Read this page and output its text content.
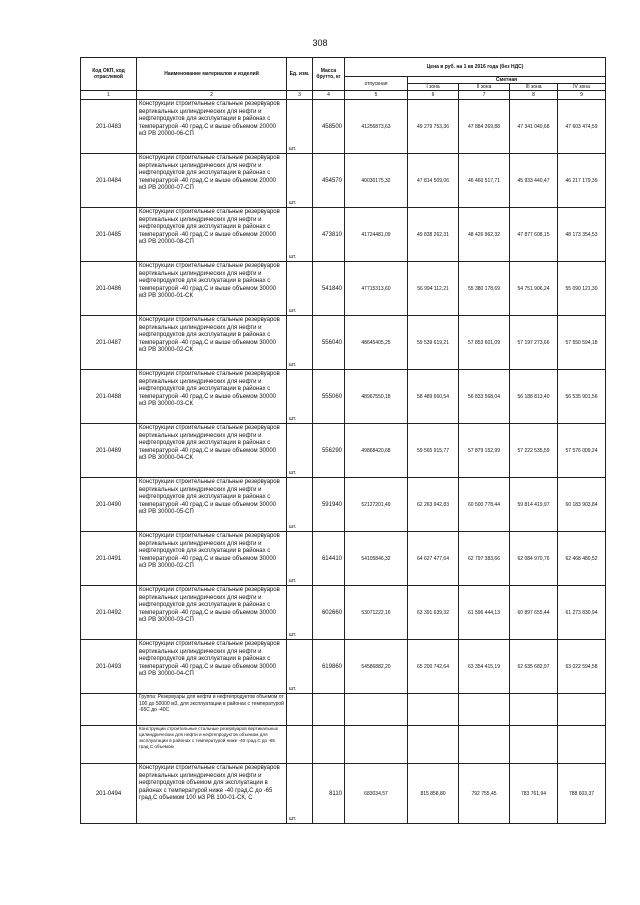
308
Код ОКП, код отраслевой	Наименование материалов и изделий	Ед. изм.	Масса брутто, кг	Цена в руб. на 1 кв 2016 года (без НДС)				
				отпускная	Сметная			
					I зона	II зона	III зона	IV зона
1	2	3	4	5	6	7	8	9
201-0483	Конструкции строительные стальные резервуаров вертикальных цилиндрических для нефти и нефтепродуктов для эксплуатации в районах с температурой -40 град.С и выше объемом 20000 м3 РВ 20000-06-СП	шт.	458500	41256873,63	49 279 753,36	47 884 269,88	47 341 040,68	47 603 474,59
201-0484	Конструкции строительные стальные резервуаров вертикальных цилиндрических для нефти и нефтепродуктов для эксплуатации в районах с температурой -40 град.С и выше объемом 20000 м3 РВ 20000-07-СП	шт.	454570	40030175,32	47 814 509,06	46 460 517,71	45 933 440,47	46 217 179,39
201-0485	Конструкции строительные стальные резервуаров вертикальных цилиндрических для нефти и нефтепродуктов для эксплуатации в районах с температурой -40 град.С и выше объемом 20000 м3 РВ 20000-08-СП	шт.	473810	41724481,09	49 838 262,31	48 426 962,32	47 877 608,15	48 173 354,53
201-0486	Конструкции строительные стальные резервуаров вертикальных цилиндрических для нефти и нефтепродуктов для эксплуатации в районах с температурой -40 град.С и выше объемом 30000 м3 РВ 30000-01-СК	шт.	541840	47715313,60	56 994 112,21	55 380 178,69	54 751 906,24	55 090 121,30
201-0487	Конструкции строительные стальные резервуаров вертикальных цилиндрических для нефти и нефтепродуктов для эксплуатации в районах с температурой -40 град.С и выше объемом 30000 м3 РВ 30000-02-СК	шт.	556040	48645405,25	59 539 619,21	57 853 601,09	57 197 273,66	57 550 594,18
201-0488	Конструкции строительные стальные резервуаров вертикальных цилиндрических для нефти и нефтепродуктов для эксплуатации в районах с температурой -40 град.С и выше объемом 30000 м3 РВ 30000-03-СК	шт.	555060	48967550,18	58 489 660,54	56 833 568,04	56 188 813,40	56 535 901,56
201-0489	Конструкции строительные стальные резервуаров вертикальных цилиндрических для нефти и нефтепродуктов для эксплуатации в районах с температурой -40 град.С и выше объемом 30000 м3 РВ 30000-04-СК	шт.	556290	49868420,68	59 565 915,77	57 879 152,99	57 222 535,59	57 576 009,24
201-0490	Конструкции строительные стальные резервуаров вертикальных цилиндрических для нефти и нефтепродуктов для эксплуатации в районах с температурой -40 град.С и выше объемом 30000 м3 РВ 30000-05-СП	шт.	591940	52127201,49	62 263 942,83	60 500 778,44	59 814 419,97	60 183 903,84
201-0491	Конструкции строительные стальные резервуаров вертикальных цилиндрических для нефти и нефтепродуктов для эксплуатации в районах с температурой -40 град.С и выше объемом 30000 м3 РВ 30000-02-СП	шт.	614410	54105846,32	64 627 477,64	62 797 383,66	62 084 970,76	62 468 480,52
201-0492	Конструкции строительные стальные резервуаров вертикальных цилиндрических для нефти и нефтепродуктов для эксплуатации в районах с температурой -40 град.С и выше объемом 30000 м3 РВ 30000-03-СП	шт.	602660	53071222,16	63 391 639,32	61 596 444,13	60 897 655,44	61 273 830,94
201-0493	Конструкции строительные стальные резервуаров вертикальных цилиндрических для нефти и нефтепродуктов для эксплуатации в районах с температурой -40 град.С и выше объемом 30000 м3 РВ 30000-04-СП	шт.	619860	54586882,20	65 200 742,64	63 354 415,19	62 635 682,97	63 022 594,58
	Группа: Резервуары для нефти и нефтепродуктов объемом от 100 до 50000 м3, для эксплуатации в районах с температурой -65С до -40С							
	Конструкции строительные стальные резервуаров вертикальных цилиндрических для нефти и нефтепродуктов объемом для эксплуатации в районах с температурой ниже -40 град.С до -65 град.С объемом							
201-0494	Конструкции строительные стальные резервуаров вертикальных цилиндрических для нефти и нефтепродуктов объемом для эксплуатации в районах с температурой ниже -40 град.С до -65 град.С объемом 100 м3 РВ 100-01-СК, С	шт.	8110	683034,57	815 858,80	792 755,45	783 761,94	788 603,37
